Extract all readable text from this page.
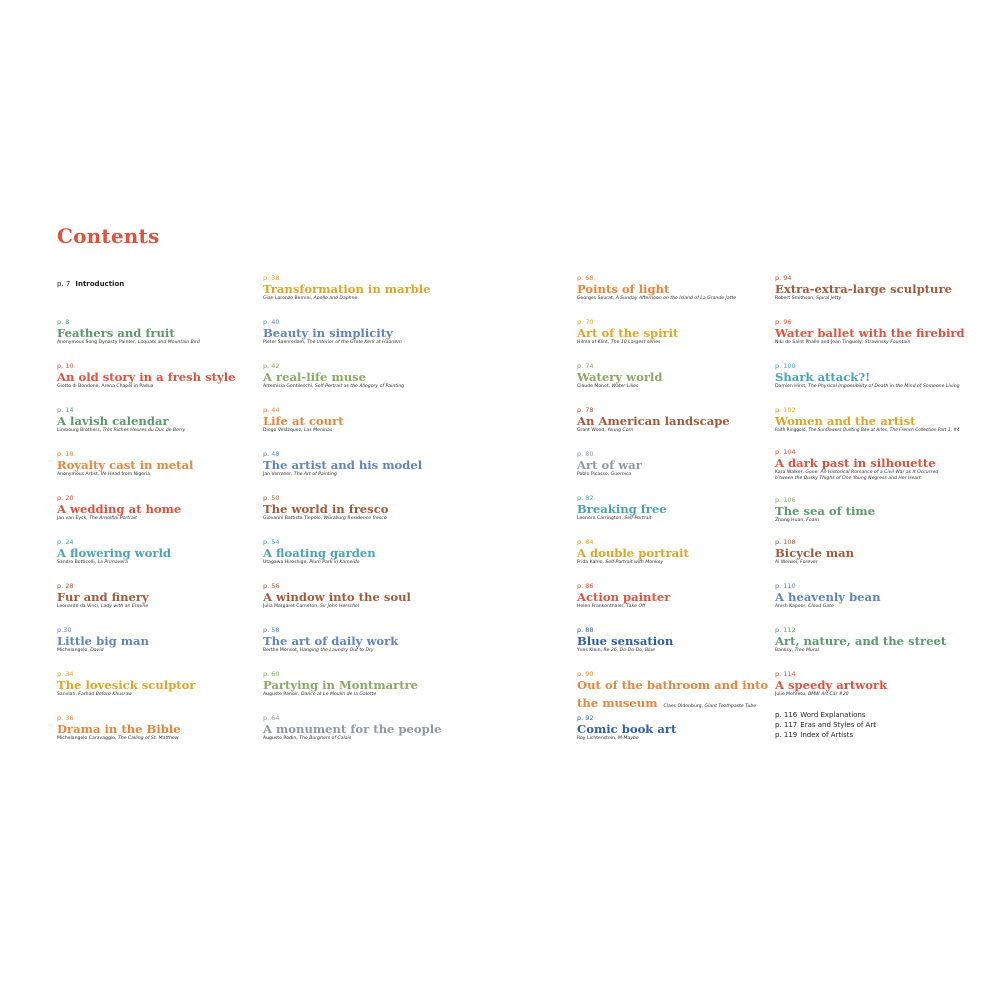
Contents
p. 7 Introduction
p. 8
Feathers and fruit
Anonymous Song Dynasty Painter, Loquats and Mountain Bird
p. 10
An old story in a fresh style
Giotto di Bondone, Arena Chapel in Padua
p. 14
A lavish calendar
Limbourg Brothers, Très Riches Heures du Duc de Berry
p. 18
Royalty cast in metal
Anonymous Artist, Ife Head from Nigeria
p. 20
A wedding at home
Jan van Eyck, The Arnolfini Portrait
p. 24
A flowering world
Sandro Botticelli, La Primavera
p. 28
Fur and finery
Leonardo da Vinci, Lady with an Ermine
p.30
Little big man
Michelangelo, David
p. 34
The lovesick sculptor
Sanvlah, Farhad Before Khusraw
p. 36
Drama in the Bible
Michelangelo Caravaggio, The Calling of St. Matthew
p. 38
Transformation in marble
Gian Lorenzo Bernini, Apollo and Daphne
p. 40
Beauty in simplicity
Pieter Saenredam, The Interior of the Grote Kerk at Haarlem
p. 42
A real-life muse
Artemisia Gentileschi, Self-Portrait as the Allegory of Painting
p. 44
Life at court
Diego Velázquez, Las Meninas
p. 48
The artist and his model
Jan Vermeer, The Art of Painting
p. 50
The world in fresco
Giovanni Battista Tiepolo, Würzburg Residence fresco
p. 54
A floating garden
Utagawa Hiroshige, Plum Park in Kameido
p. 56
A window into the soul
Julia Margaret Cameron, Sir John Herschel
p. 58
The art of daily work
Berthe Morisot, Hanging the Laundry Out to Dry
p. 60
Partying in Montmartre
Auguste Renoir, Dance at Le Moulin de la Galette
p. 64
A monument for the people
Auguste Rodin, The Burghers of Calais
p. 68
Points of light
Georges Seurat, A Sunday Afternoon on the Island of La Grande Jatte
p. 70
Art of the spirit
Hilma af Klint, The 10 Largest series
p. 74
Watery world
Claude Monet, Water Lilies
p. 78
An American landscape
Grant Wood, Young Corn
p. 80
Art of war
Pablo Picasso, Guernica
p. 82
Breaking free
Leonora Carrington, Self-Portrait
p. 84
A double portrait
Frida Kahlo, Self-Portrait with Monkey
p. 86
Action painter
Helen Frankenthaler, Take Off
p. 88
Blue sensation
Yves Klein, Re 26, Do-Do-Do, Blue
p. 90
Out of the bathroom and into
the museum Claes Oldenburg, Giant Toothpaste Tube
p. 92
Comic book art
Roy Lichtenstein, M-Maybe
p. 94
Extra-extra-large sculpture
Robert Smithson, Spiral Jetty
p. 96
Water ballet with the firebird
Niki de Saint Phalle and Jean Tinguely, Stravinsky Fountain
p. 100
Shark attack?!
Damien Hirst, The Physical Impossibility of Death in the Mind of Someone Living
p. 102
Women and the artist
Faith Ringgold, The Sunflowers Quilting Bee at Arles, The French Collection Part 1, #4
p. 104
A dark past in silhouette
Kara Walker, Gone: An Historical Romance of a Civil War as It Occurred
b'tween the Dusky Thighs of One Young Negress and Her Heart
p. 106
The sea of time
Zhang Huan, Foam
p. 108
Bicycle man
Ai Weiwei, Forever
p. 110
A heavenly bean
Anish Kapoor, Cloud Gate
p. 112
Art, nature, and the street
Banksy, Tree Mural
p. 114
A speedy artwork
Julie Mehretu, BMW Art Car #20
p. 116 Word Explanations
p. 117 Eras and Styles of Art
p. 119 Index of Artists
